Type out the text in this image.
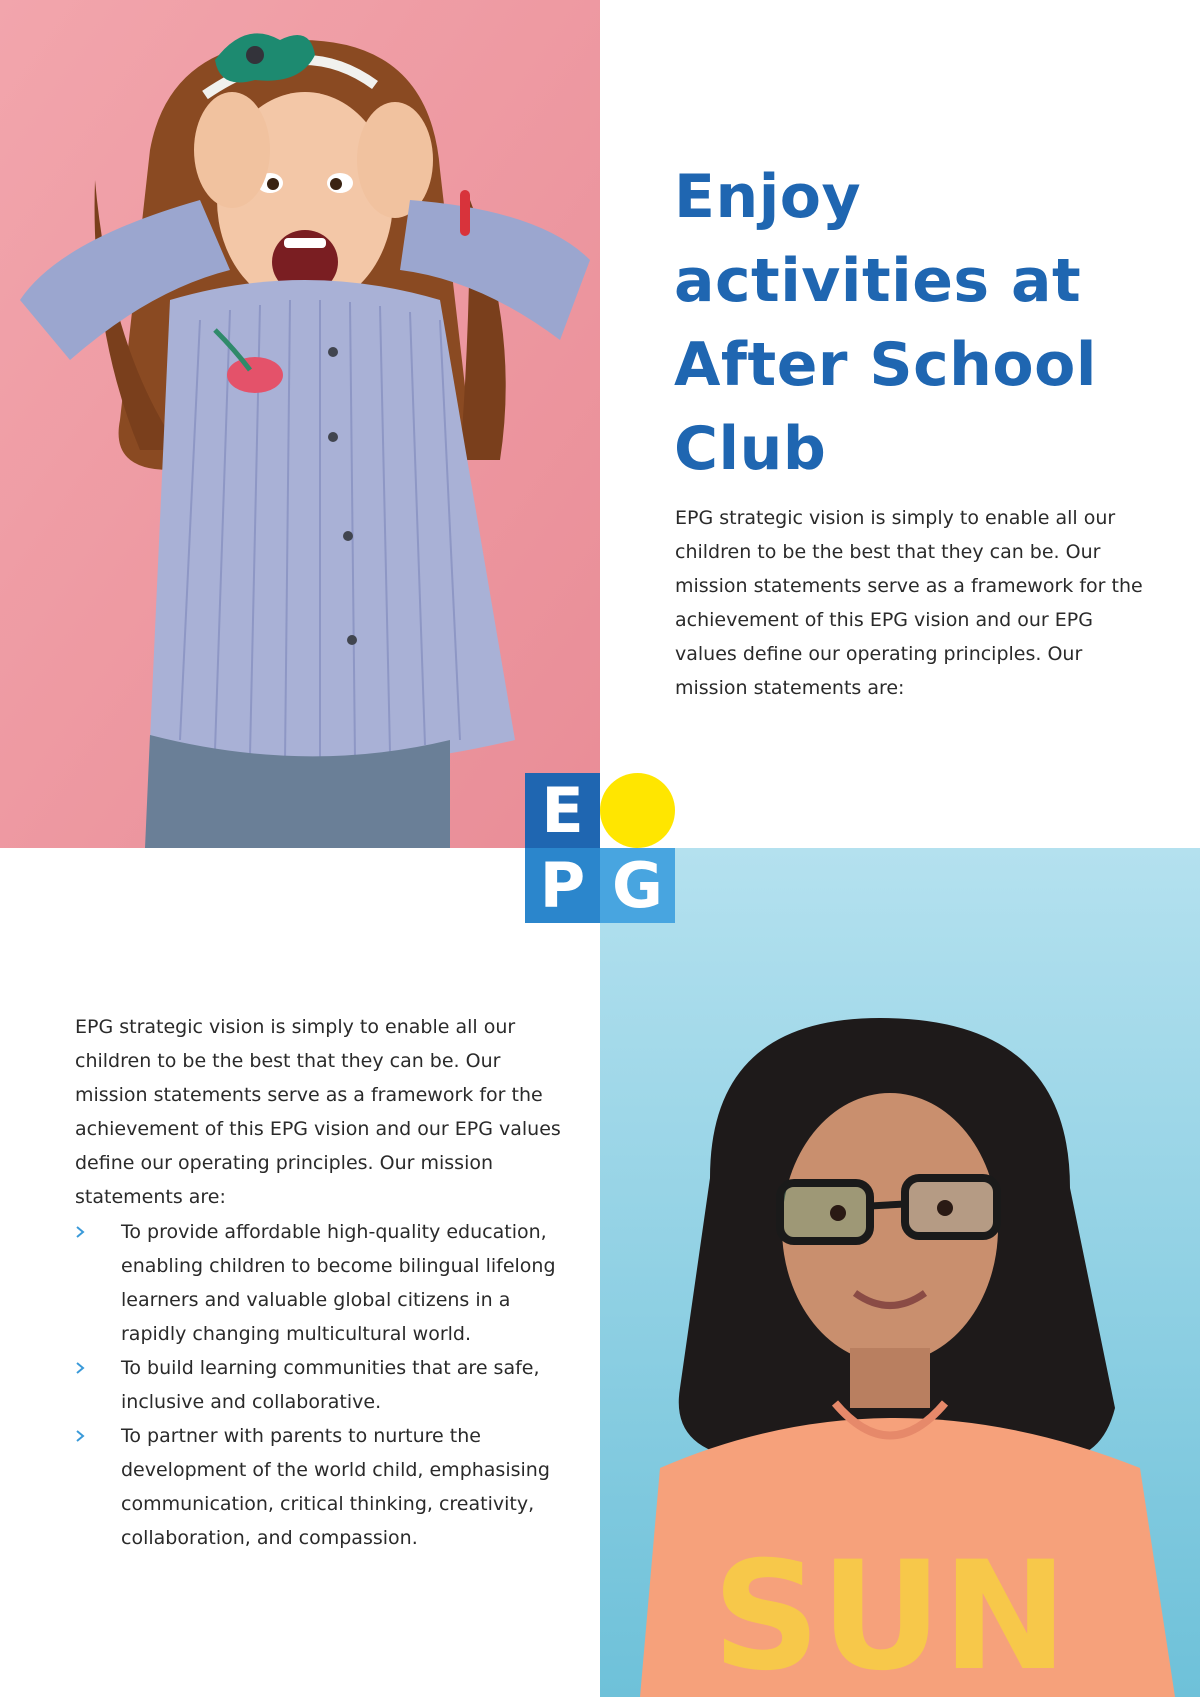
SUN
Enjoy activities at After School Club

EPG strategic vision is simply to enable all our children to be the best that they can be. Our mission statements serve as a framework for the achievement of this EPG vision and our EPG values define our operating principles. Our mission statements are:

EPG strategic vision is simply to enable all our children to be the best that they can be. Our mission statements serve as a framework for the achievement of this EPG vision and our EPG values define our operating principles. Our mission statements are:

To provide affordable high-quality education, enabling children to become bilingual lifelong learners and valuable global citizens in a rapidly changing multicultural world.
To build learning communities that are safe, inclusive and collaborative.
To partner with parents to nurture the development of the world child, emphasising communication, critical thinking, creativity, collaboration, and compassion.
E
P G
